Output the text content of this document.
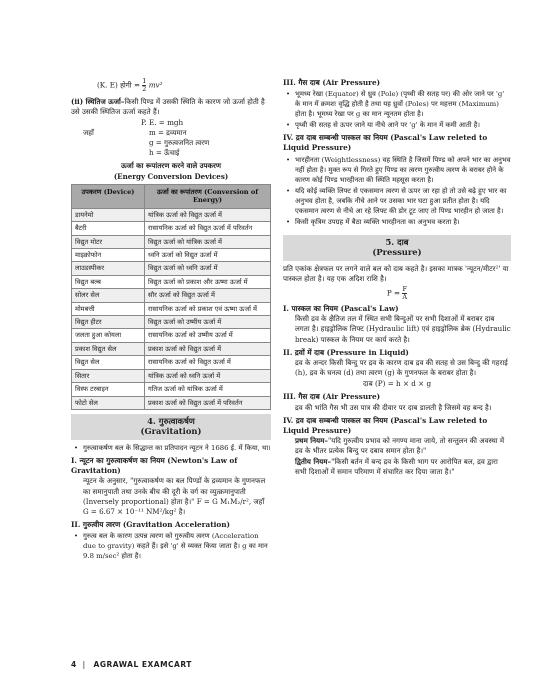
(K. E) होगी = $\frac{1}{2} mv^2$

(ii) स्थितिज ऊर्जा–किसी पिण्ड में उसकी स्थिति के कारण जो ऊर्जा होती है उसे उसकी स्थितिज ऊर्जा कहते हैं।

P. E. = mgh

जहाँ	m = द्रव्यमान
g = गुरुत्वजनित त्वरण
h = ऊँचाई

ऊर्जा का रूपांतरण करने वाले उपकरण

(Energy Conversion Devices)

उपकरण (Device)	ऊर्जा का रूपांतरण (Conversion of Energy)
डायनेमो	यांत्रिक ऊर्जा को विद्युत ऊर्जा में
बैटरी	रासायनिक ऊर्जा को विद्युत ऊर्जा में परिवर्तन
विद्युत मोटर	विद्युत ऊर्जा को यांत्रिक ऊर्जा में
माइक्रोफोन	ध्वनि ऊर्जा को विद्युत ऊर्जा में
लाउडस्पीकर	विद्युत ऊर्जा को ध्वनि ऊर्जा में
विद्युत बल्ब	विद्युत ऊर्जा को प्रकाश और ऊष्मा ऊर्जा में
सोलर सेल	सौर ऊर्जा को विद्युत ऊर्जा में
मोमबत्ती	रासायनिक ऊर्जा को प्रकाश एवं ऊष्मा ऊर्जा में
विद्युत हीटर	विद्युत ऊर्जा को उष्मीय ऊर्जा में
जलता हुआ कोयला	रासायनिक ऊर्जा को उष्मीय ऊर्जा में
प्रकाश विद्युत सेल	प्रकाश ऊर्जा को विद्युत ऊर्जा में
विद्युत सेल	रासायनिक ऊर्जा को विद्युत ऊर्जा में
सितार	यांत्रिक ऊर्जा को ध्वनि ऊर्जा में
विस्फ टरबाइन	गतिज ऊर्जा को यांत्रिक ऊर्जा में
फोटो सेल	प्रकाश ऊर्जा को विद्युत ऊर्जा में परिवर्तन
4. गुरुत्वाकर्षण
(Gravitation)
• गुरुत्वाकर्षण बल के सिद्धान्त का प्रतिपादन न्यूटन ने 1686 ई. में किया, था।

I. न्यूटन का गुरुत्वाकर्षण का नियम (Newton's Law of Gravitation)

न्यूटन के अनुसार, "गुरुत्वाकर्षण का बल पिण्डों के द्रव्यमान के गुणनफल का समानुपाती तथा उनके बीच की दूरी के वर्ग का व्युत्क्रमानुपाती (Inversely proportional) होता है।" F = G M₁M₂/r², जहाँ G = 6.67 × 10⁻¹¹ NM²/kg² है।

II. गुरुत्वीय त्वरण (Gravitation Acceleration)

• गुरुत्व बल के कारण उत्पन्न त्वरण को गुरुत्वीय त्वरण (Acceleration due to gravity) कहते हैं। इसे 'g' से व्यक्त किया जाता है। g का मान 9.8 m/sec² होता है।

III. गैस दाब (Air Pressure)

• भूमध्य रेखा (Equator) से ध्रुव (Pole) (पृथ्वी की सतह पर) की ओर जाने पर 'g' के मान में क्रमशः वृद्धि होती है तथा यह ध्रुवों (Poles) पर महत्तम (Maximum) होता है। भूमध्य रेखा पर g का मान न्यूनतम होता है।
• पृथ्वी की सतह से ऊपर जाने या नीचे आने पर 'g' के मान में कमी आती है।

IV. द्रव दाब सम्बन्धी पास्कल का नियम (Pascal's Law releted to Liquid Pressure)

• भारहीनता (Weightlessness) वह स्थिति है जिसमें पिण्ड को अपने भार का अनुभव नहीं होता है। मुक्त रूप से गिरते हुए पिण्ड का त्वरण गुरुत्वीय त्वरण के बराबर होने के कारण कोई पिण्ड भारहीनता की स्थिति महसूस करता है।
• यदि कोई व्यक्ति लिफ्ट से एकसमान त्वरण से ऊपर जा रहा हो तो उसे बढ़े हुए भार का अनुभव होता है, जबकि नीचे आने पर उसका भार घटा हुआ प्रतीत होता है। यदि एकसमान त्वरण से नीचे आ रहे लिफ्ट की डोर टूट जाए तो पिण्ड भारहीन हो जाता है।
• किसी कृत्रिम उपग्रह में बैठा व्यक्ति भारहीनता का अनुभव करता है।
5. दाब
(Pressure)

प्रति एकांक क्षेत्रफल पर लगने वाले बल को दाब कहते है। इसका मात्रक 'न्यूटन/मीटर²' या पास्कल होता है। यह एक अदिश राशि है।

$P = \frac{F}{A}$

I. पास्कल का नियम (Pascal's Law)

किसी द्रव के क्षैतिज तल में स्थित सभी बिन्दुओं पर सभी दिशाओं में बराबर दाब लगता है। हाइड्रोलिक लिफ्ट (Hydraulic lift) एवं हाइड्रोलिक ब्रेक (Hydraulic break) पास्कल के नियम पर कार्य करते है।

II. द्रवों में दाब (Pressure in Liquid)

द्रव के अन्दर किसी बिन्दु पर द्रव के कारण दाब द्रव की सतह से उस बिन्दु की गहराई (h), द्रव के घनत्व (d) तथा त्वरण (g) के गुणनफल के बराबर होता है।

दाब (P) = h × d × g

III. गैस दाब (Air Pressure)

द्रव की भांति गैस भी उस पात्र की दीवार पर दाब डालती है जिसमे वह बन्द है।

IV. द्रव दाब सम्बन्धी पास्कल का नियम (Pascal's Law releted to Liquid Pressure)

प्रथम नियम–"यदि गुरुत्वीय प्रभाव को नगण्य माना जाये, तो सन्तुलन की अवस्था में द्रव के भीतर प्रत्येक बिन्दु पर दबाव समान होता है।"

द्वितीय नियम–"किसी बर्तन में बन्द द्रव के किसी भाग पर आरोपित बल, द्रव द्वारा सभी दिशाओं में समान परिमाण में संचारित कर दिया जाता है।"

4 | AGRAWAL EXAMCART
